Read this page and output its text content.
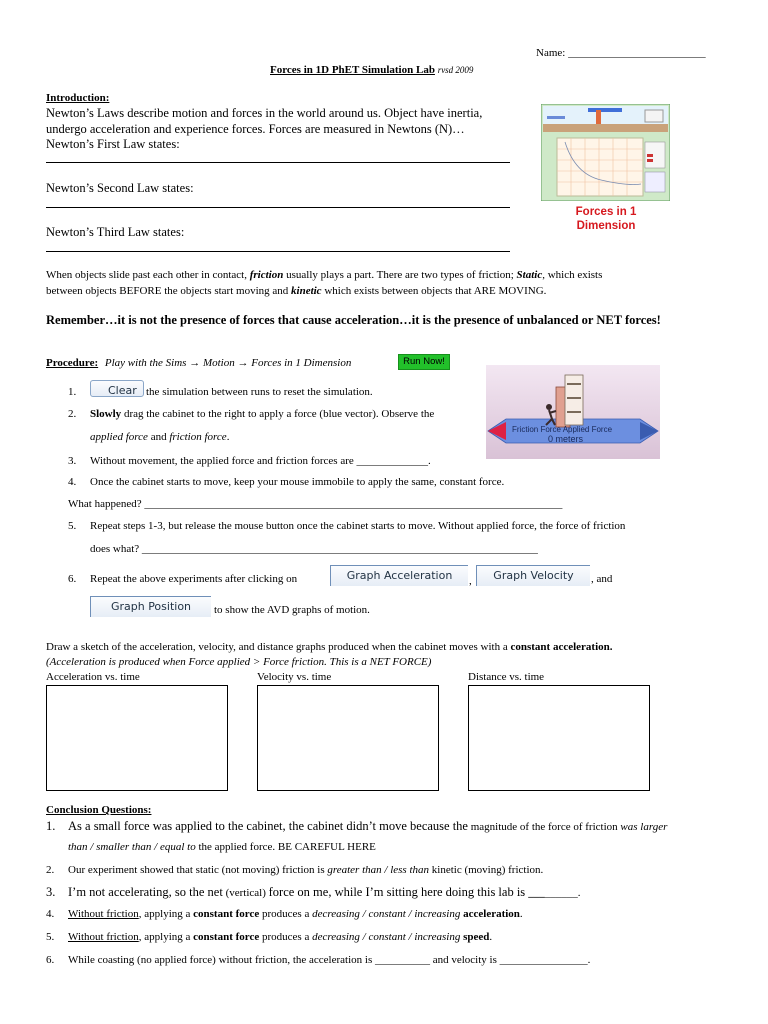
Name: _________________________
Forces in 1D PhET Simulation Lab rvsd 2009
Introduction:
Newton’s Laws describe motion and forces in the world around us. Object have inertia,
undergo acceleration and experience forces. Forces are measured in Newtons (N)…
Newton’s First Law states:
Newton’s Second Law states:
Newton’s Third Law states:
Forces in 1
Dimension
When objects slide past each other in contact, friction usually plays a part. There are two types of friction; Static, which exists
between objects BEFORE the objects start moving and kinetic which exists between objects that ARE MOVING.
Remember…it is not the presence of forces that cause acceleration…it is the presence of unbalanced or NET forces!
Procedure: Play with the Sims → Motion → Forces in 1 Dimension	Run Now!
Friction Force Applied Force
0 meters
1.	Clear the simulation between runs to reset the simulation.
2. Slowly drag the cabinet to the right to apply a force (blue vector). Observe the
applied force and friction force.
3. Without movement, the applied force and friction forces are _____________.
4. Once the cabinet starts to move, keep your mouse immobile to apply the same, constant force.
What happened? ____________________________________________________________________________
5. Repeat steps 1-3, but release the mouse button once the cabinet starts to move. Without applied force, the force of friction
does what? ________________________________________________________________________
6. Repeat the above experiments after clicking on	Graph Acceleration	,	Graph Velocity	, and
Graph Position	to show the AVD graphs of motion.
Draw a sketch of the acceleration, velocity, and distance graphs produced when the cabinet moves with a constant acceleration.
(Acceleration is produced when Force applied > Force friction. This is a NET FORCE)
Acceleration vs. time	Velocity vs. time	Distance vs. time
Conclusion Questions:
1. As a small force was applied to the cabinet, the cabinet didn’t move because the magnitude of the force of friction was larger
than / smaller than / equal to the applied force. BE CAREFUL HERE
2. Our experiment showed that static (not moving) friction is greater than / less than kinetic (moving) friction.
3. I’m not accelerating, so the net (vertical) force on me, while I’m sitting here doing this lab is _________.
4. Without friction, applying a constant force produces a decreasing / constant / increasing acceleration.
5. Without friction, applying a constant force produces a decreasing / constant / increasing speed.
6. While coasting (no applied force) without friction, the acceleration is __________ and velocity is ________________.
